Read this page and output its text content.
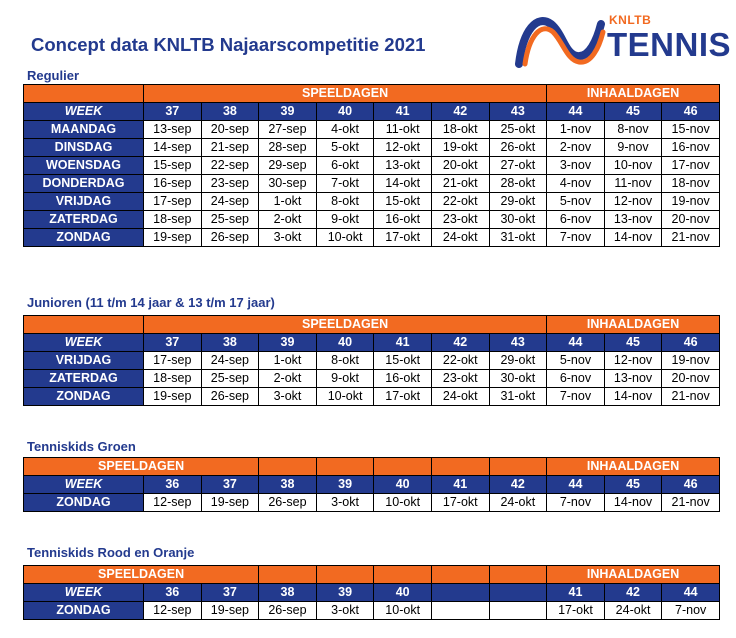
Concept data KNLTB Najaarscompetitie 2021
KNLTB
TENNIS
Regulier
	SPEELDAGEN							INHAALDAGEN		
WEEK	37	38	39	40	41	42	43	44	45	46
MAANDAG	13-sep	20-sep	27-sep	4-okt	11-okt	18-okt	25-okt	1-nov	8-nov	15-nov
DINSDAG	14-sep	21-sep	28-sep	5-okt	12-okt	19-okt	26-okt	2-nov	9-nov	16-nov
WOENSDAG	15-sep	22-sep	29-sep	6-okt	13-okt	20-okt	27-okt	3-nov	10-nov	17-nov
DONDERDAG	16-sep	23-sep	30-sep	7-okt	14-okt	21-okt	28-okt	4-nov	11-nov	18-nov
VRIJDAG	17-sep	24-sep	1-okt	8-okt	15-okt	22-okt	29-okt	5-nov	12-nov	19-nov
ZATERDAG	18-sep	25-sep	2-okt	9-okt	16-okt	23-okt	30-okt	6-nov	13-nov	20-nov
ZONDAG	19-sep	26-sep	3-okt	10-okt	17-okt	24-okt	31-okt	7-nov	14-nov	21-nov
Junioren (11 t/m 14 jaar & 13 t/m 17 jaar)
	SPEELDAGEN							INHAALDAGEN		
WEEK	37	38	39	40	41	42	43	44	45	46
VRIJDAG	17-sep	24-sep	1-okt	8-okt	15-okt	22-okt	29-okt	5-nov	12-nov	19-nov
ZATERDAG	18-sep	25-sep	2-okt	9-okt	16-okt	23-okt	30-okt	6-nov	13-nov	20-nov
ZONDAG	19-sep	26-sep	3-okt	10-okt	17-okt	24-okt	31-okt	7-nov	14-nov	21-nov
Tenniskids Groen
SPEELDAGEN								INHAALDAGEN		
WEEK	36	37	38	39	40	41	42	44	45	46
ZONDAG	12-sep	19-sep	26-sep	3-okt	10-okt	17-okt	24-okt	7-nov	14-nov	21-nov
Tenniskids Rood en Oranje
SPEELDAGEN								INHAALDAGEN		
WEEK	36	37	38	39	40			41	42	44
ZONDAG	12-sep	19-sep	26-sep	3-okt	10-okt			17-okt	24-okt	7-nov
